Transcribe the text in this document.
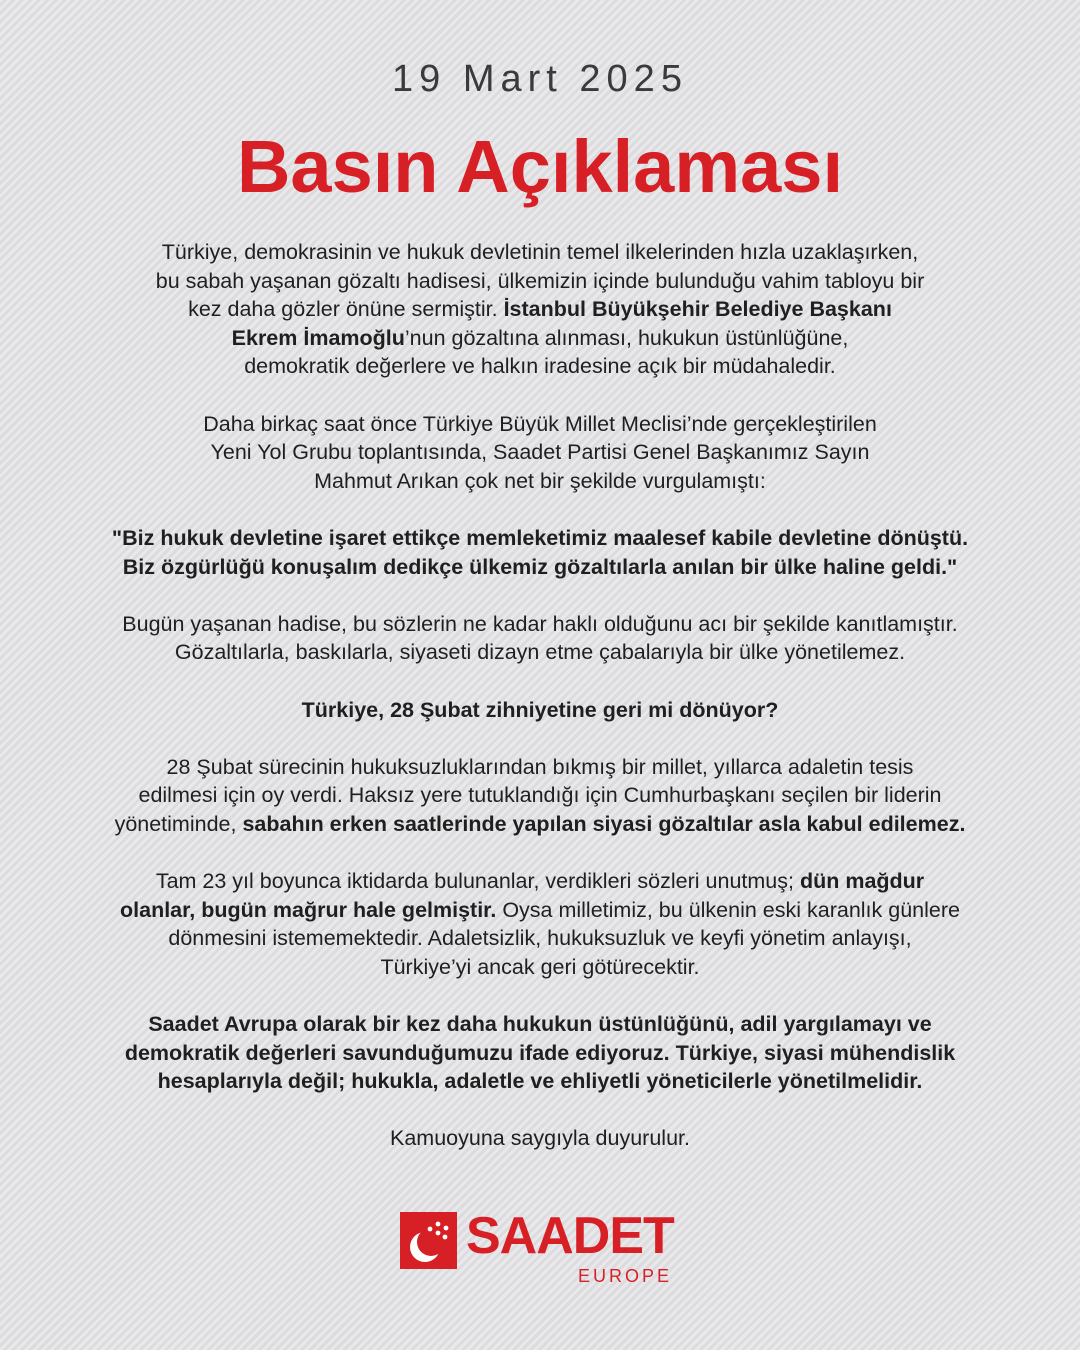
19 Mart 2025
Basın Açıklaması

Türkiye, demokrasinin ve hukuk devletinin temel ilkelerinden hızla uzaklaşırken,
bu sabah yaşanan gözaltı hadisesi, ülkemizin içinde bulunduğu vahim tabloyu bir
kez daha gözler önüne sermiştir. İstanbul Büyükşehir Belediye Başkanı
Ekrem İmamoğlu’nun gözaltına alınması, hukukun üstünlüğüne,
demokratik değerlere ve halkın iradesine açık bir müdahaledir.

Daha birkaç saat önce Türkiye Büyük Millet Meclisi’nde gerçekleştirilen
Yeni Yol Grubu toplantısında, Saadet Partisi Genel Başkanımız Sayın
Mahmut Arıkan çok net bir şekilde vurgulamıştı:

"Biz hukuk devletine işaret ettikçe memleketimiz maalesef kabile devletine dönüştü.
Biz özgürlüğü konuşalım dedikçe ülkemiz gözaltılarla anılan bir ülke haline geldi."

Bugün yaşanan hadise, bu sözlerin ne kadar haklı olduğunu acı bir şekilde kanıtlamıştır.
Gözaltılarla, baskılarla, siyaseti dizayn etme çabalarıyla bir ülke yönetilemez.

Türkiye, 28 Şubat zihniyetine geri mi dönüyor?

28 Şubat sürecinin hukuksuzluklarından bıkmış bir millet, yıllarca adaletin tesis
edilmesi için oy verdi. Haksız yere tutuklandığı için Cumhurbaşkanı seçilen bir liderin
yönetiminde, sabahın erken saatlerinde yapılan siyasi gözaltılar asla kabul edilemez.

Tam 23 yıl boyunca iktidarda bulunanlar, verdikleri sözleri unutmuş; dün mağdur
olanlar, bugün mağrur hale gelmiştir. Oysa milletimiz, bu ülkenin eski karanlık günlere
dönmesini istememektedir. Adaletsizlik, hukuksuzluk ve keyfi yönetim anlayışı,
Türkiye’yi ancak geri götürecektir.

Saadet Avrupa olarak bir kez daha hukukun üstünlüğünü, adil yargılamayı ve
demokratik değerleri savunduğumuzu ifade ediyoruz. Türkiye, siyasi mühendislik
hesaplarıyla değil; hukukla, adaletle ve ehliyetli yöneticilerle yönetilmelidir.

Kamuoyuna saygıyla duyurulur.

SAADET
EUROPE
